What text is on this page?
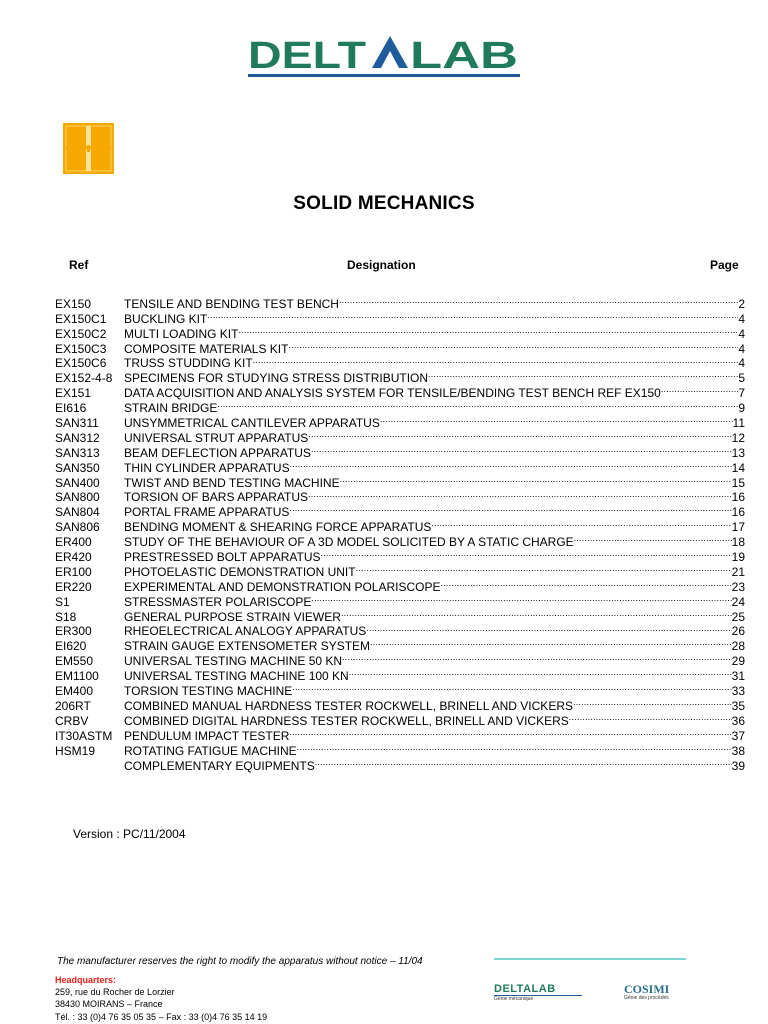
DELT LAB
SOLID MECHANICS
Ref	Designation	Page
EX150	TENSILE AND BENDING TEST BENCH .....	2
EX150C1	BUCKLING KIT .....	4
EX150C2	MULTI LOADING KIT .....	4
EX150C3	COMPOSITE MATERIALS KIT .....	4
EX150C6	TRUSS STUDDING KIT .....	4
EX152-4-8 SPECIMENS FOR STUDYING STRESS DISTRIBUTION .....	5
EX151	DATA ACQUISITION AND ANALYSIS SYSTEM FOR TENSILE/BENDING TEST BENCH REF EX150 .....	7
EI616	STRAIN BRIDGE .....	9
SAN311	UNSYMMETRICAL CANTILEVER APPARATUS .....	11
SAN312	UNIVERSAL STRUT APPARATUS .....	12
SAN313	BEAM DEFLECTION APPARATUS .....	13
SAN350	THIN CYLINDER APPARATUS .....	14
SAN400	TWIST AND BEND TESTING MACHINE .....	15
SAN800	TORSION OF BARS APPARATUS .....	16
SAN804	PORTAL FRAME APPARATUS .....	16
SAN806	BENDING MOMENT & SHEARING FORCE APPARATUS .....	17
ER400	STUDY OF THE BEHAVIOUR OF A 3D MODEL SOLICITED BY A STATIC CHARGE .....	18
ER420	PRESTRESSED BOLT APPARATUS .....	19
ER100	PHOTOELASTIC DEMONSTRATION UNIT .....	21
ER220	EXPERIMENTAL AND DEMONSTRATION POLARISCOPE .....	23
S1	STRESSMASTER POLARISCOPE .....	24
S18	GENERAL PURPOSE STRAIN VIEWER .....	25
ER300	RHEOELECTRICAL ANALOGY APPARATUS .....	26
EI620	STRAIN GAUGE EXTENSOMETER SYSTEM .....	28
EM550	UNIVERSAL TESTING MACHINE 50 KN .....	29
EM1100	UNIVERSAL TESTING MACHINE 100 KN .....	31
EM400	TORSION TESTING MACHINE .....	33
206RT	COMBINED MANUAL HARDNESS TESTER ROCKWELL, BRINELL AND VICKERS .....	35
CRBV	COMBINED DIGITAL HARDNESS TESTER ROCKWELL, BRINELL AND VICKERS .....	36
IT30ASTM PENDULUM IMPACT TESTER .....	37
HSM19	ROTATING FATIGUE MACHINE .....	38
COMPLEMENTARY EQUIPMENTS .....	39
Version : PC/11/2004
The manufacturer reserves the right to modify the apparatus without notice – 11/04
Headquarters:
259, rue du Rocher de Lorzier
38430 MOIRANS – France
Tél. : 33 (0)4 76 35 05 35 – Fax : 33 (0)4 76 35 14 19
DELTALAB
Génie mécanique
COSIMI
Génie des procédés
